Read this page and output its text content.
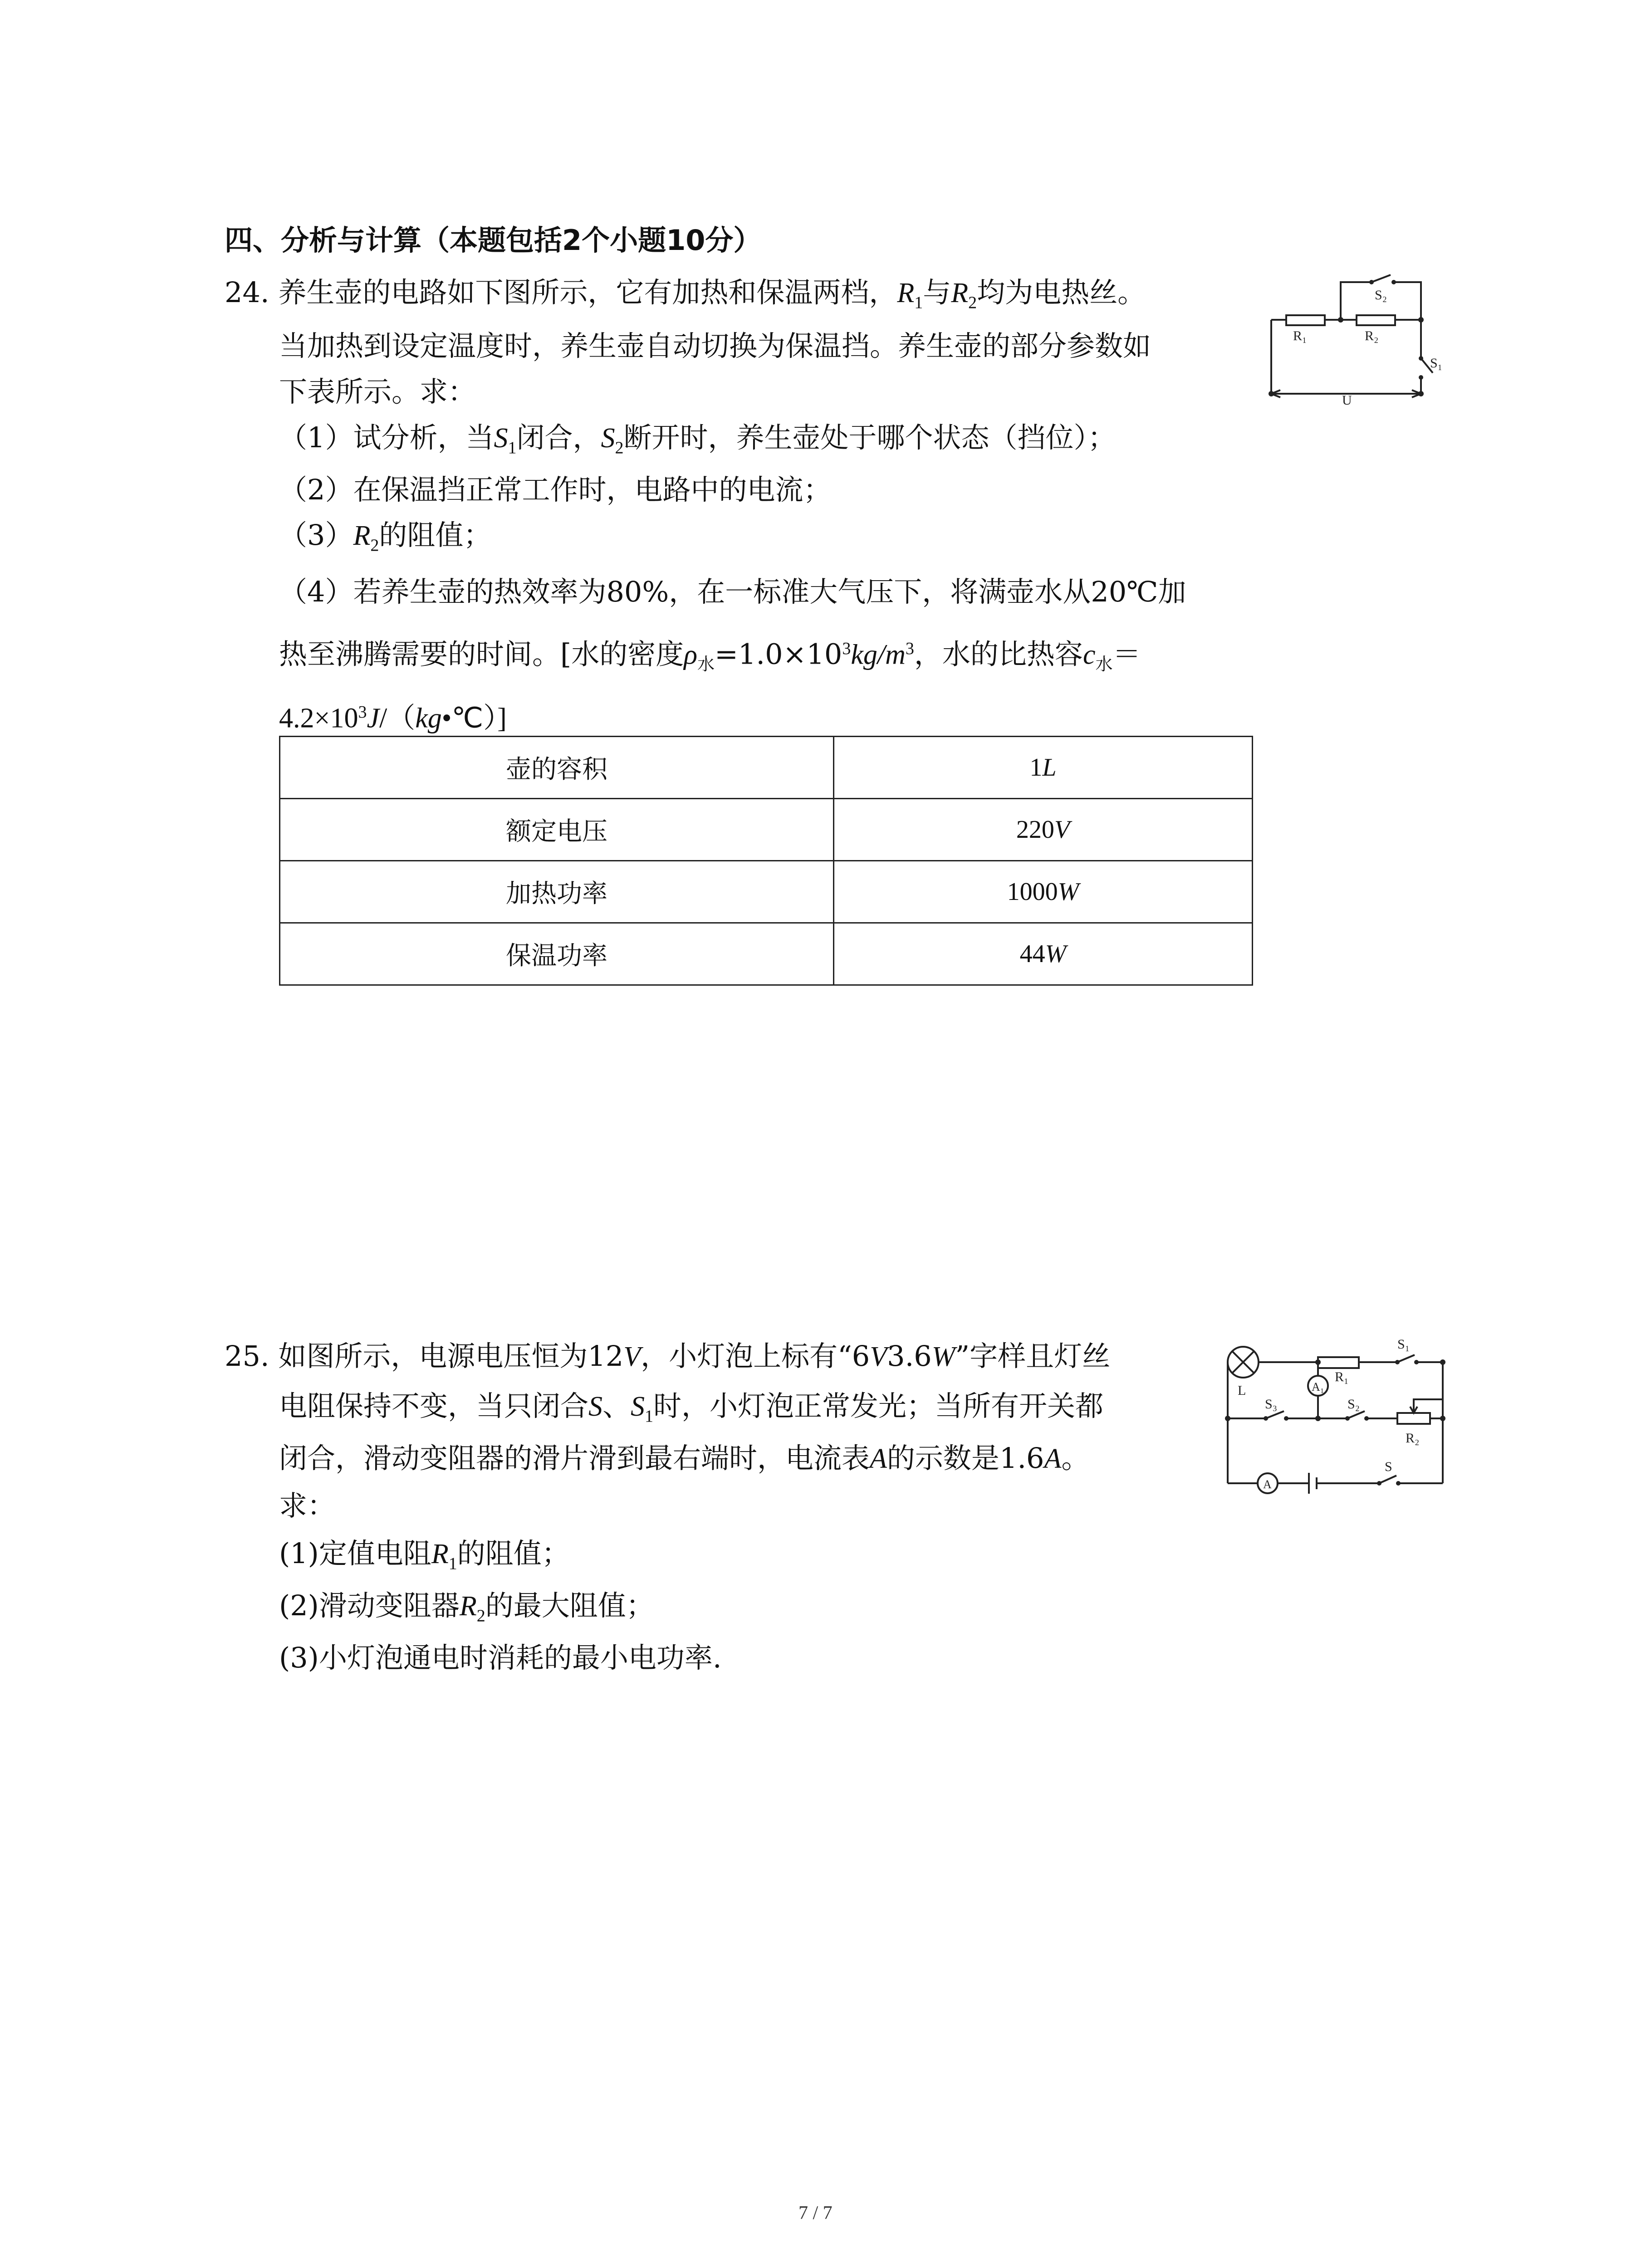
四、分析与计算（本题包括2个小题10分）
24. 养生壶的电路如下图所示，它有加热和保温两档，$R_1$与$R_2$均为电热丝。
当加热到设定温度时，养生壶自动切换为保温挡。养生壶的部分参数如
下表所示。求：
（1）试分析，当$S_1$闭合，$S_2$断开时，养生壶处于哪个状态（挡位）；
（2）在保温挡正常工作时，电路中的电流；
$(3)R_2$的阻值；
（4）若养生壶的热效率为80%，在一标准大气压下，将满壶水从20℃加
热至沸腾需要的时间。[水的密度$\rho_水=1.0\times 10^3kg/m^3$，水的比热容$c_水=$
$4.2\times 10^3J/(kg•℃)$]
壶的容积	1L
额定电压	220V
加热功率	1000W
保温功率	44W
R₁	R₂
S₂
S₁
U
25. 如图所示，电源电压恒为12V，小灯泡上标有“6V3.6W”字样且灯丝
电阻保持不变，当只闭合S、$S_1$时，小灯泡正常发光；当所有开关都
闭合，滑动变阻器的滑片滑到最右端时，电流表A的示数是1.6A。
求：
(1)定值电阻$R_1$的阻值；
(2)滑动变阻器$R_2$的最大阻值；
(3)小灯泡通电时消耗的最小电功率.
L
S₁
R₁
S₃	S₂
R₂
S
A₁
A
7 / 7
